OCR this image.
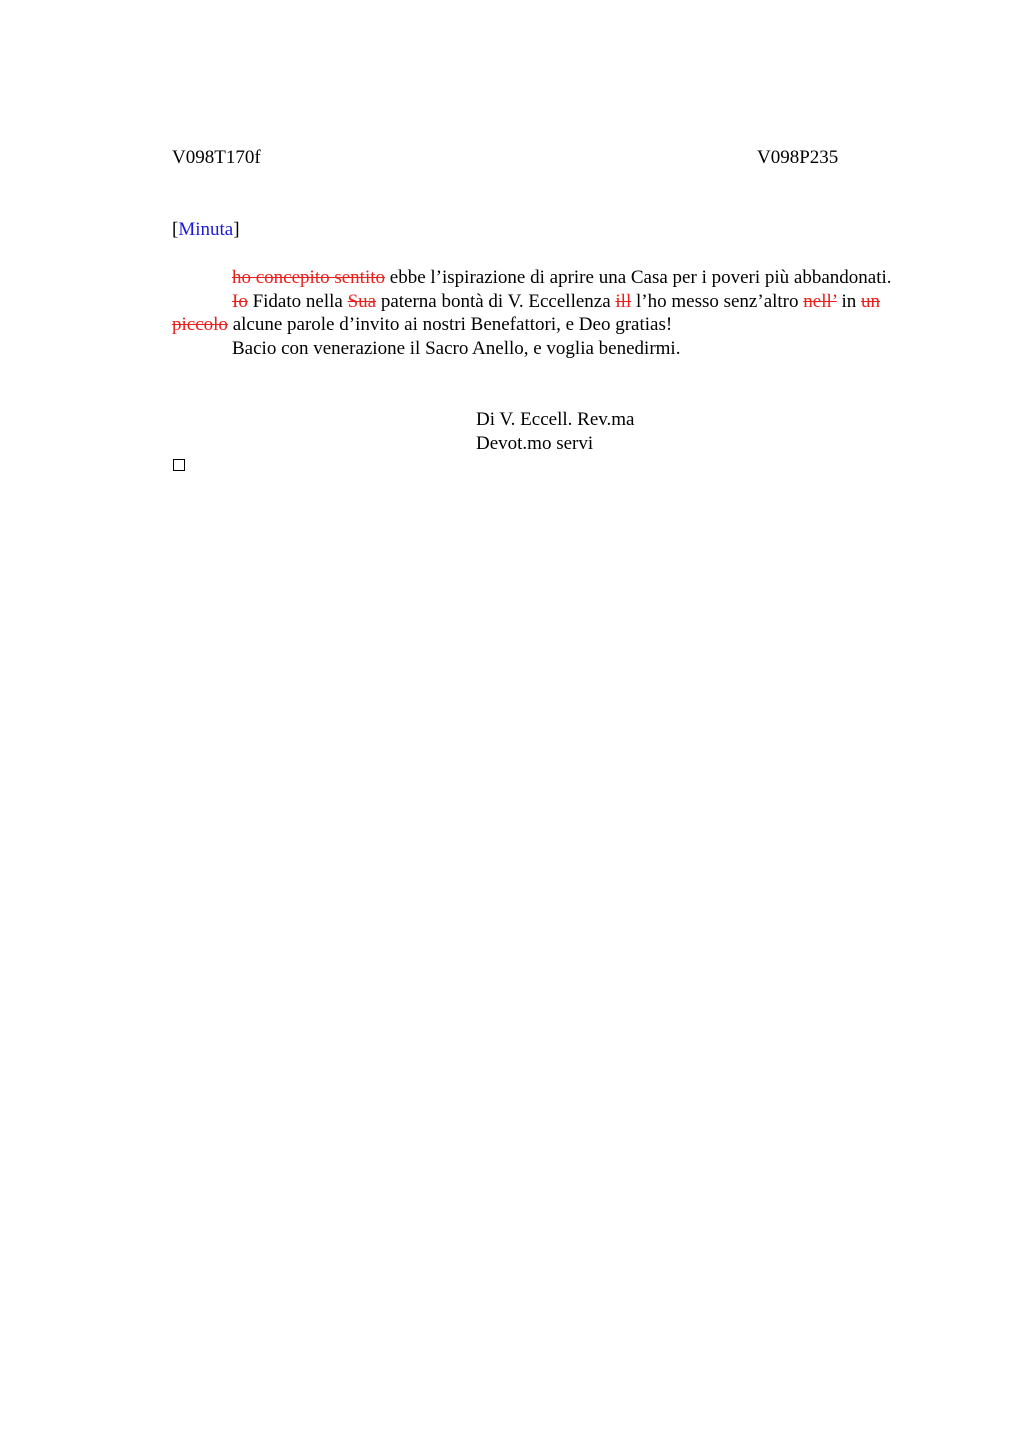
V098T170f	V098P235
[Minuta]

ho concepito sentito ebbe l’ispirazione di aprire una Casa per i poveri più abbandonati.

Io Fidato nella Sua paterna bontà di V. Eccellenza ill l’ho messo senz’altro nell’ in un piccolo alcune parole d’invito ai nostri Benefattori, e Deo gratias!

Bacio con venerazione il Sacro Anello, e voglia benedirmi.

Di V. Eccell. Rev.ma
Devot.mo servi
